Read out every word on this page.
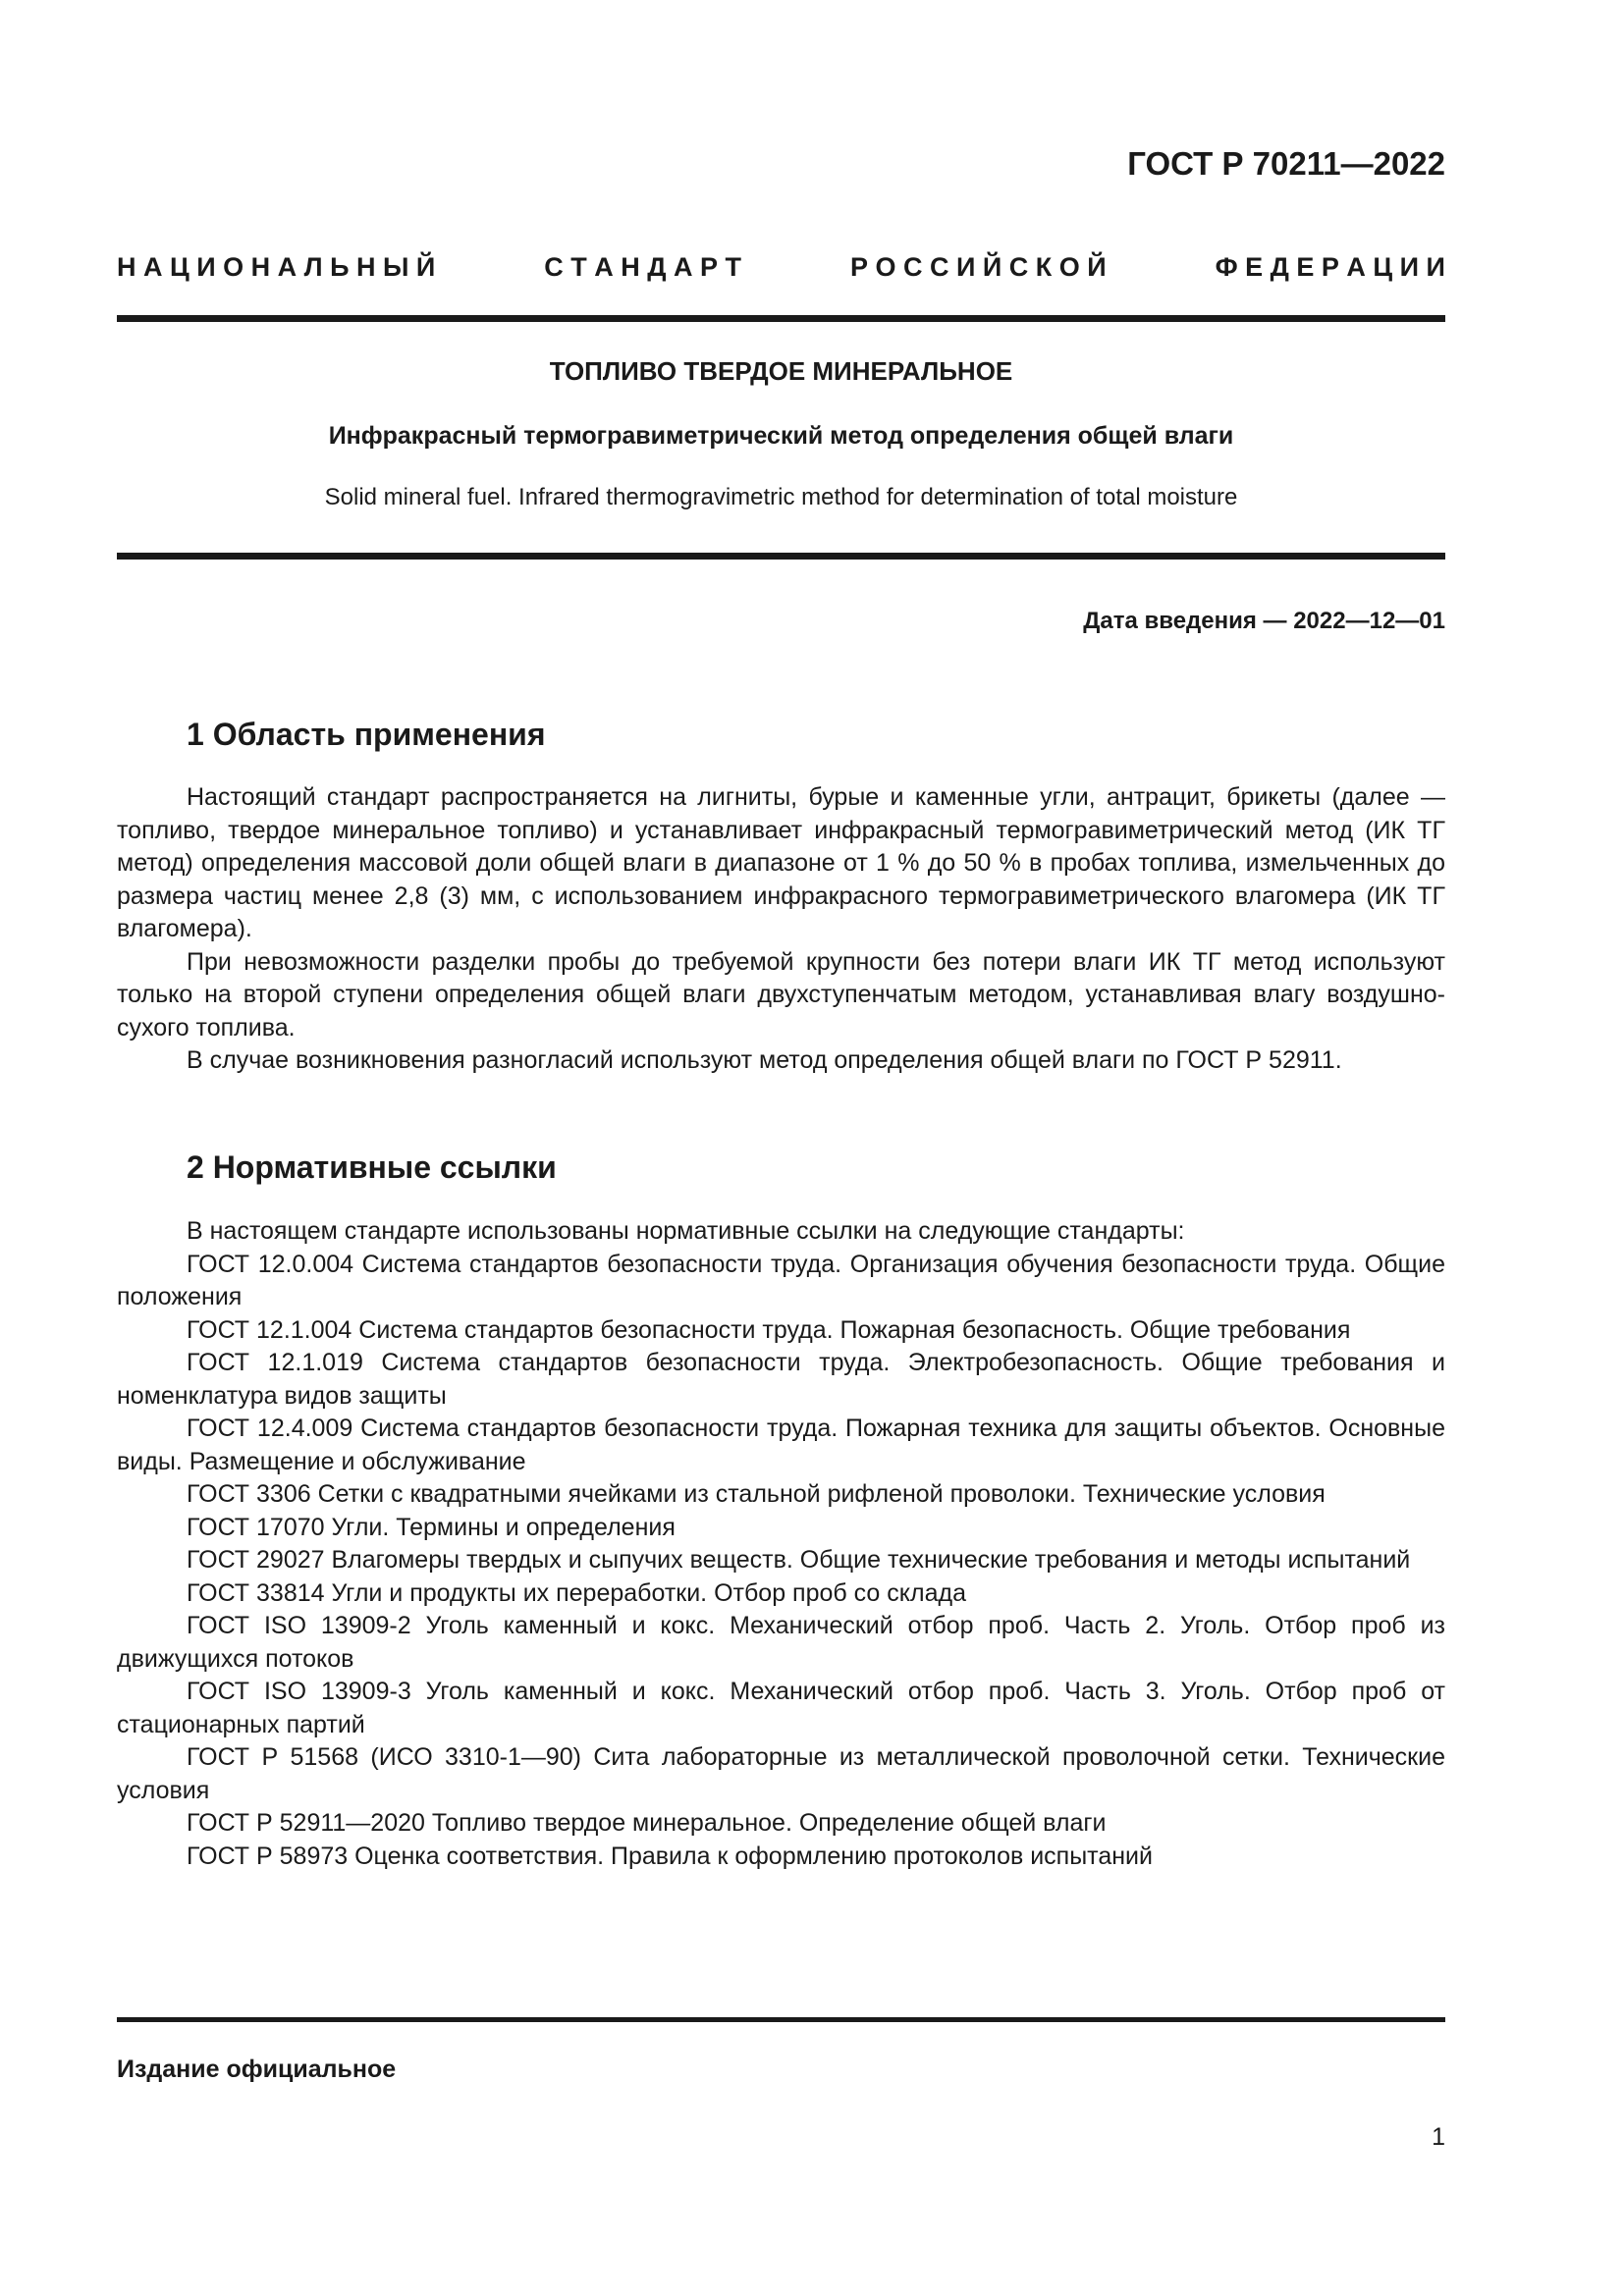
ГОСТ Р 70211—2022
Н А Ц И О Н А Л Ь Н Ы Й	С Т А Н Д А Р Т	Р О С С И Й С К О Й	Ф Е Д Е Р А Ц И И
ТОПЛИВО ТВЕРДОЕ МИНЕРАЛЬНОЕ
Инфракрасный термогравиметрический метод определения общей влаги
Solid mineral fuel. Infrared thermogravimetric method for determination of total moisture
Дата введения — 2022—12—01
1 Область применения

Настоящий стандарт распространяется на лигниты, бурые и каменные угли, антрацит, брикеты (далее — топливо, твердое минеральное топливо) и устанавливает инфракрасный термогравиметрический метод (ИК ТГ метод) определения массовой доли общей влаги в диапазоне от 1 % до 50 % в пробах топлива, измельченных до размера частиц менее 2,8 (3) мм, с использованием инфракрасного термогравиметрического влагомера (ИК ТГ влагомера).

При невозможности разделки пробы до требуемой крупности без потери влаги ИК ТГ метод используют только на второй ступени определения общей влаги двухступенчатым методом, устанавливая влагу воздушно-сухого топлива.

В случае возникновения разногласий используют метод определения общей влаги по ГОСТ Р 52911.

2 Нормативные ссылки

В настоящем стандарте использованы нормативные ссылки на следующие стандарты:

ГОСТ 12.0.004 Система стандартов безопасности труда. Организация обучения безопасности труда. Общие положения

ГОСТ 12.1.004 Система стандартов безопасности труда. Пожарная безопасность. Общие требования

ГОСТ 12.1.019 Система стандартов безопасности труда. Электробезопасность. Общие требования и номенклатура видов защиты

ГОСТ 12.4.009 Система стандартов безопасности труда. Пожарная техника для защиты объектов. Основные виды. Размещение и обслуживание

ГОСТ 3306 Сетки с квадратными ячейками из стальной рифленой проволоки. Технические условия

ГОСТ 17070 Угли. Термины и определения

ГОСТ 29027 Влагомеры твердых и сыпучих веществ. Общие технические требования и методы испытаний

ГОСТ 33814 Угли и продукты их переработки. Отбор проб со склада

ГОСТ ISO 13909-2 Уголь каменный и кокс. Механический отбор проб. Часть 2. Уголь. Отбор проб из движущихся потоков

ГОСТ ISO 13909-3 Уголь каменный и кокс. Механический отбор проб. Часть 3. Уголь. Отбор проб от стационарных партий

ГОСТ Р 51568 (ИСО 3310-1—90) Сита лабораторные из металлической проволочной сетки. Технические условия

ГОСТ Р 52911—2020 Топливо твердое минеральное. Определение общей влаги

ГОСТ Р 58973 Оценка соответствия. Правила к оформлению протоколов испытаний

Издание официальное
1
